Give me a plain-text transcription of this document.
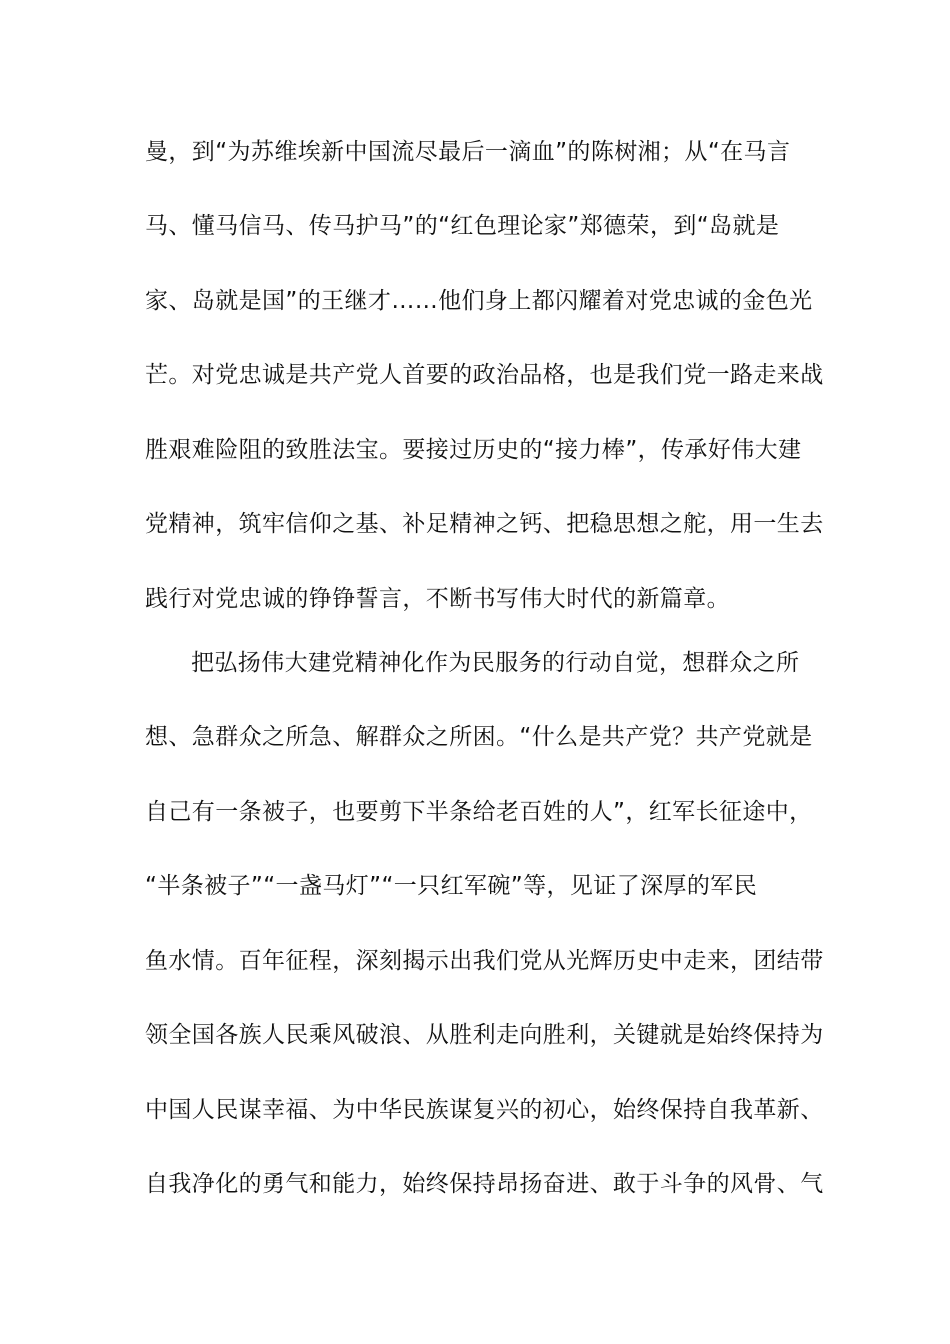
曼，到“为苏维埃新中国流尽最后一滴血”的陈树湘；从“在马言
马、懂马信马、传马护马”的“红色理论家”郑德荣，到“岛就是
家、岛就是国”的王继才……他们身上都闪耀着对党忠诚的金色光
芒。对党忠诚是共产党人首要的政治品格，也是我们党一路走来战
胜艰难险阻的致胜法宝。要接过历史的“接力棒”，传承好伟大建
党精神，筑牢信仰之基、补足精神之钙、把稳思想之舵，用一生去
践行对党忠诚的铮铮誓言，不断书写伟大时代的新篇章。
把弘扬伟大建党精神化作为民服务的行动自觉，想群众之所
想、急群众之所急、解群众之所困。“什么是共产党？共产党就是
自己有一条被子，也要剪下半条给老百姓的人”，红军长征途中，
“半条被子”“一盏马灯”“一只红军碗”等，见证了深厚的军民
鱼水情。百年征程，深刻揭示出我们党从光辉历史中走来，团结带
领全国各族人民乘风破浪、从胜利走向胜利，关键就是始终保持为
中国人民谋幸福、为中华民族谋复兴的初心，始终保持自我革新、
自我净化的勇气和能力，始终保持昂扬奋进、敢于斗争的风骨、气
